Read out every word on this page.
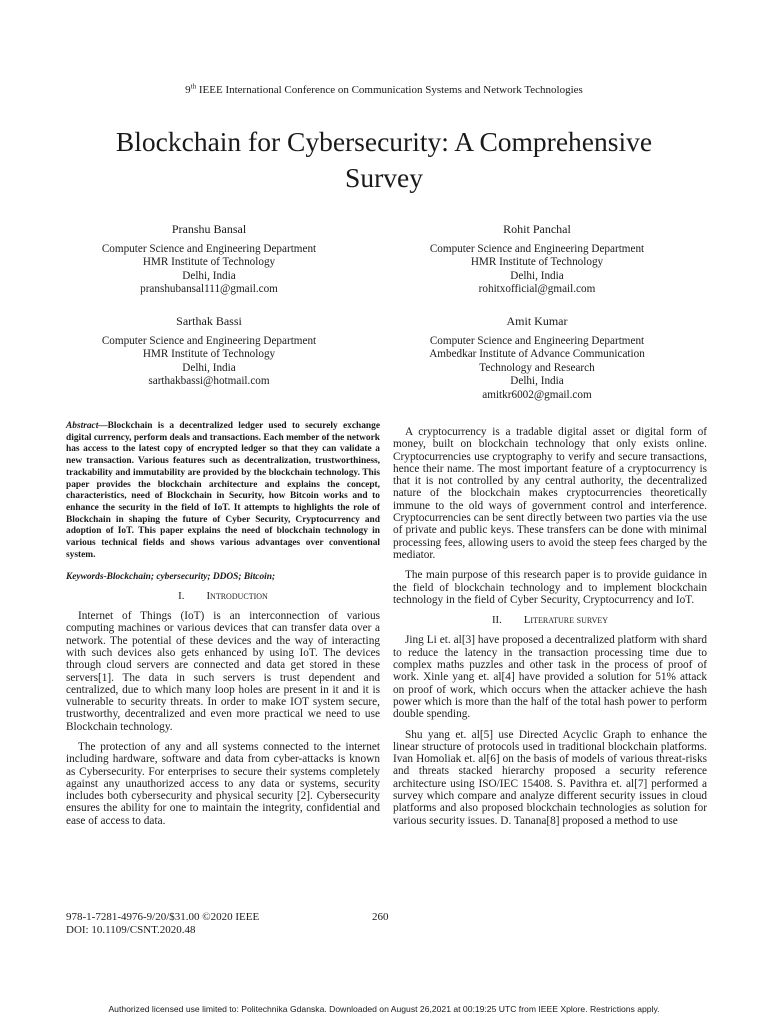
9th IEEE International Conference on Communication Systems and Network Technologies
Blockchain for Cybersecurity: A Comprehensive
Survey
Pranshu Bansal
Computer Science and Engineering Department
HMR Institute of Technology
Delhi, India
pranshubansal111@gmail.com
Rohit Panchal
Computer Science and Engineering Department
HMR Institute of Technology
Delhi, India
rohitxofficial@gmail.com
Sarthak Bassi
Computer Science and Engineering Department
HMR Institute of Technology
Delhi, India
sarthakbassi@hotmail.com
Amit Kumar
Computer Science and Engineering Department
Ambedkar Institute of Advance Communication
Technology and Research
Delhi, India
amitkr6002@gmail.com
Abstract—Blockchain is a decentralized ledger used to securely exchange digital currency, perform deals and transactions. Each member of the network has access to the latest copy of encrypted ledger so that they can validate a new transaction. Various features such as decentralization, trustworthiness, trackability and immutability are provided by the blockchain technology. This paper provides the blockchain architecture and explains the concept, characteristics, need of Blockchain in Security, how Bitcoin works and to enhance the security in the field of IoT. It attempts to highlights the role of Blockchain in shaping the future of Cyber Security, Cryptocurrency and adoption of IoT. This paper explains the need of blockchain technology in various technical fields and shows various advantages over conventional system.
Keywords-Blockchain; cybersecurity; DDOS; Bitcoin;
I. Introduction

Internet of Things (IoT) is an interconnection of various computing machines or various devices that can transfer data over a network. The potential of these devices and the way of interacting with such devices also gets enhanced by using IoT. The devices through cloud servers are connected and data get stored in these servers[1]. The data in such servers is trust dependent and centralized, due to which many loop holes are present in it and it is vulnerable to security threats. In order to make IOT system secure, trustworthy, decentralized and even more practical we need to use Blockchain technology.

The protection of any and all systems connected to the internet including hardware, software and data from cyber-attacks is known as Cybersecurity. For enterprises to secure their systems completely against any unauthorized access to any data or systems, security includes both cybersecurity and physical security [2]. Cybersecurity ensures the ability for one to maintain the integrity, confidential and ease of access to data.

A cryptocurrency is a tradable digital asset or digital form of money, built on blockchain technology that only exists online. Cryptocurrencies use cryptography to verify and secure transactions, hence their name. The most important feature of a cryptocurrency is that it is not controlled by any central authority, the decentralized nature of the blockchain makes cryptocurrencies theoretically immune to the old ways of government control and interference. Cryptocurrencies can be sent directly between two parties via the use of private and public keys. These transfers can be done with minimal processing fees, allowing users to avoid the steep fees charged by the mediator.

The main purpose of this research paper is to provide guidance in the field of blockchain technology and to implement blockchain technology in the field of Cyber Security, Cryptocurrency and IoT.

II. Literature survey

Jing Li et. al[3] have proposed a decentralized platform with shard to reduce the latency in the transaction processing time due to complex maths puzzles and other task in the process of proof of work. Xinle yang et. al[4] have provided a solution for 51% attack on proof of work, which occurs when the attacker achieve the hash power which is more than the half of the total hash power to perform double spending.

Shu yang et. al[5] use Directed Acyclic Graph to enhance the linear structure of protocols used in traditional blockchain platforms. Ivan Homoliak et. al[6] on the basis of models of various threat-risks and threats stacked hierarchy proposed a security reference architecture using ISO/IEC 15408. S. Pavithra et. al[7] performed a survey which compare and analyze different security issues in cloud platforms and also proposed blockchain technologies as solution for various security issues. D. Tanana[8] proposed a method to use

978-1-7281-4976-9/20/$31.00 ©2020 IEEE
DOI: 10.1109/CSNT.2020.48
260
Authorized licensed use limited to: Politechnika Gdanska. Downloaded on August 26,2021 at 00:19:25 UTC from IEEE Xplore. Restrictions apply.
